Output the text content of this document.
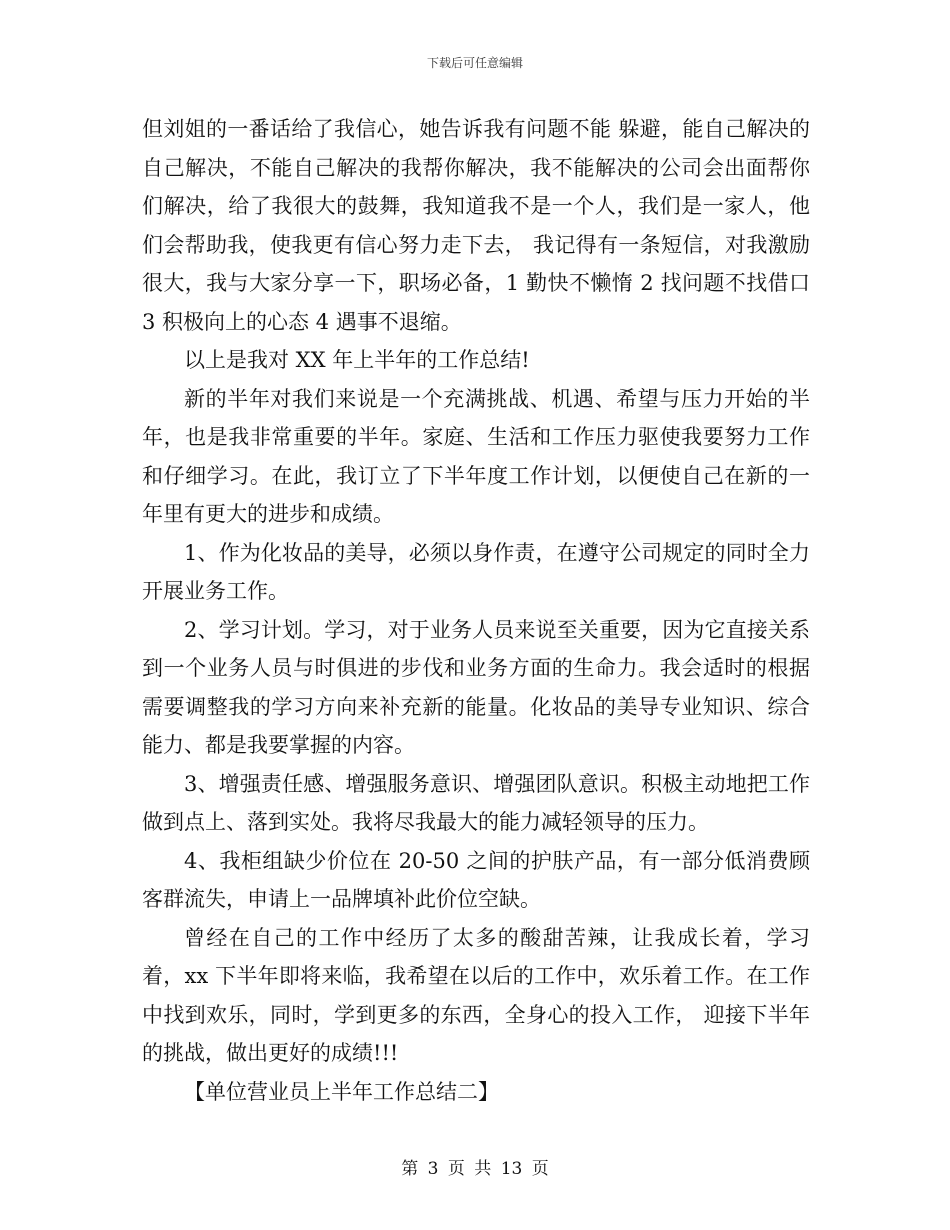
下载后可任意编辑

但刘姐的一番话给了我信心，她告诉我有问题不能 躲避，能自己解决的自己解决，不能自己解决的我帮你解决，我不能解决的公司会出面帮你们解决，给了我很大的鼓舞，我知道我不是一个人，我们是一家人，他们会帮助我，使我更有信心努力走下去， 我记得有一条短信，对我激励很大，我与大家分享一下，职场必备，1 勤快不懒惰 2 找问题不找借口 3 积极向上的心态 4 遇事不退缩。

以上是我对 XX 年上半年的工作总结!

新的半年对我们来说是一个充满挑战、机遇、希望与压力开始的半年，也是我非常重要的半年。家庭、生活和工作压力驱使我要努力工作和仔细学习。在此，我订立了下半年度工作计划，以便使自己在新的一年里有更大的进步和成绩。

1、作为化妆品的美导，必须以身作责，在遵守公司规定的同时全力开展业务工作。

2、学习计划。学习，对于业务人员来说至关重要，因为它直接关系到一个业务人员与时俱进的步伐和业务方面的生命力。我会适时的根据需要调整我的学习方向来补充新的能量。化妆品的美导专业知识、综合能力、都是我要掌握的内容。

3、增强责任感、增强服务意识、增强团队意识。积极主动地把工作做到点上、落到实处。我将尽我最大的能力减轻领导的压力。

4、我柜组缺少价位在 20-50 之间的护肤产品，有一部分低消费顾客群流失，申请上一品牌填补此价位空缺。

曾经在自己的工作中经历了太多的酸甜苦辣，让我成长着，学习着，xx 下半年即将来临，我希望在以后的工作中，欢乐着工作。在工作中找到欢乐，同时，学到更多的东西，全身心的投入工作， 迎接下半年的挑战，做出更好的成绩!!!

【单位营业员上半年工作总结二】

第 3 页 共 13 页
